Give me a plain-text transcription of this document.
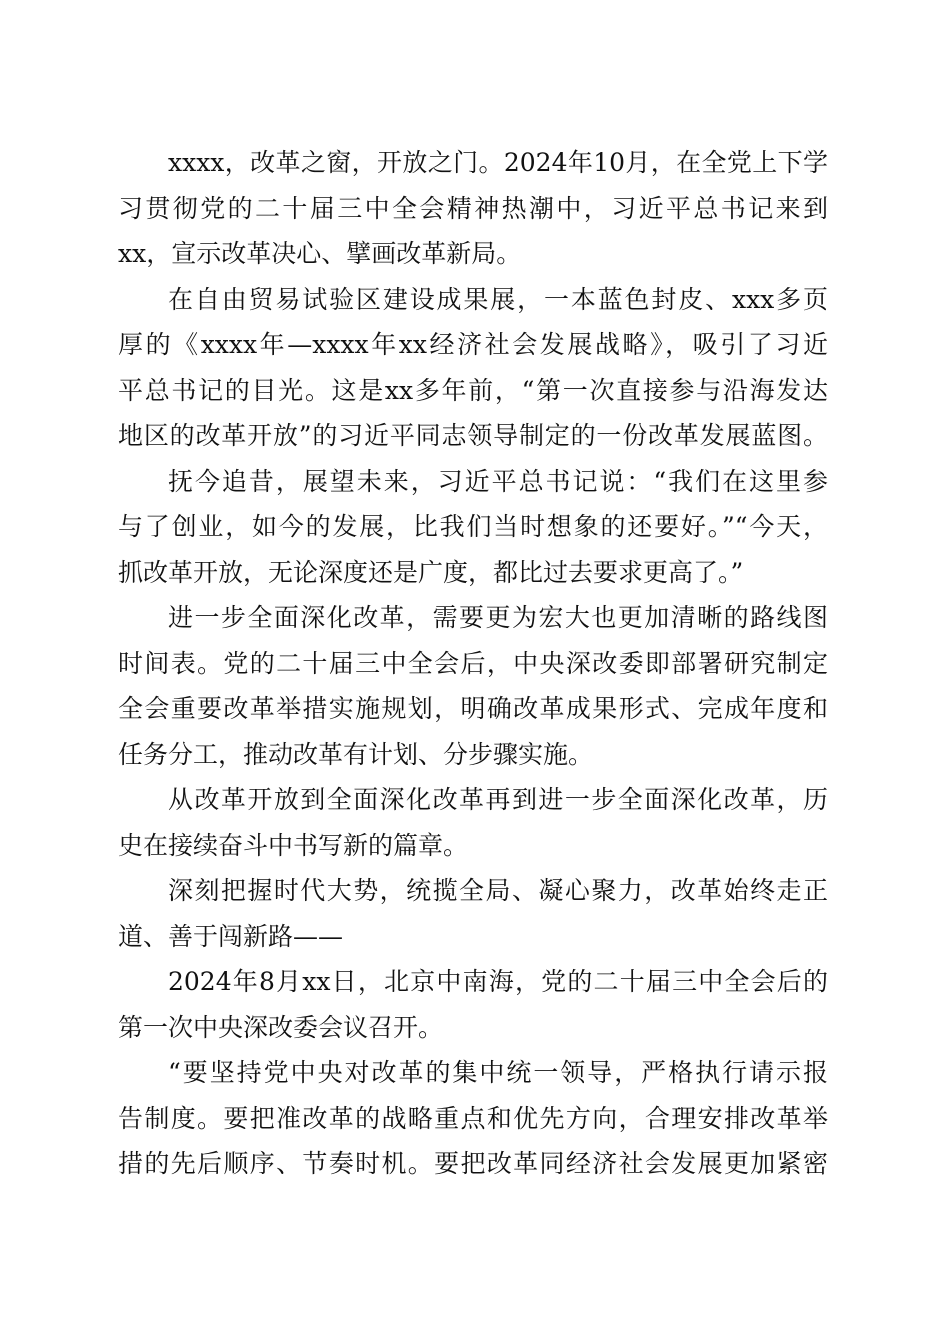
xxxx，改革之窗，开放之门。2024年10月，在全党上下学
习贯彻党的二十届三中全会精神热潮中，习近平总书记来到
xx，宣示改革决心、擘画改革新局。
在自由贸易试验区建设成果展，一本蓝色封皮、xxx多页
厚的《xxxx年—xxxx年xx经济社会发展战略》，吸引了习近
平总书记的目光。这是xx多年前，“第一次直接参与沿海发达
地区的改革开放”的习近平同志领导制定的一份改革发展蓝图。
抚今追昔，展望未来，习近平总书记说：“我们在这里参
与了创业，如今的发展，比我们当时想象的还要好。”“今天，
抓改革开放，无论深度还是广度，都比过去要求更高了。”
进一步全面深化改革，需要更为宏大也更加清晰的路线图
时间表。党的二十届三中全会后，中央深改委即部署研究制定
全会重要改革举措实施规划，明确改革成果形式、完成年度和
任务分工，推动改革有计划、分步骤实施。
从改革开放到全面深化改革再到进一步全面深化改革，历
史在接续奋斗中书写新的篇章。
深刻把握时代大势，统揽全局、凝心聚力，改革始终走正
道、善于闯新路——
2024年8月xx日，北京中南海，党的二十届三中全会后的
第一次中央深改委会议召开。
“要坚持党中央对改革的集中统一领导，严格执行请示报
告制度。要把准改革的战略重点和优先方向，合理安排改革举
措的先后顺序、节奏时机。要把改革同经济社会发展更加紧密
